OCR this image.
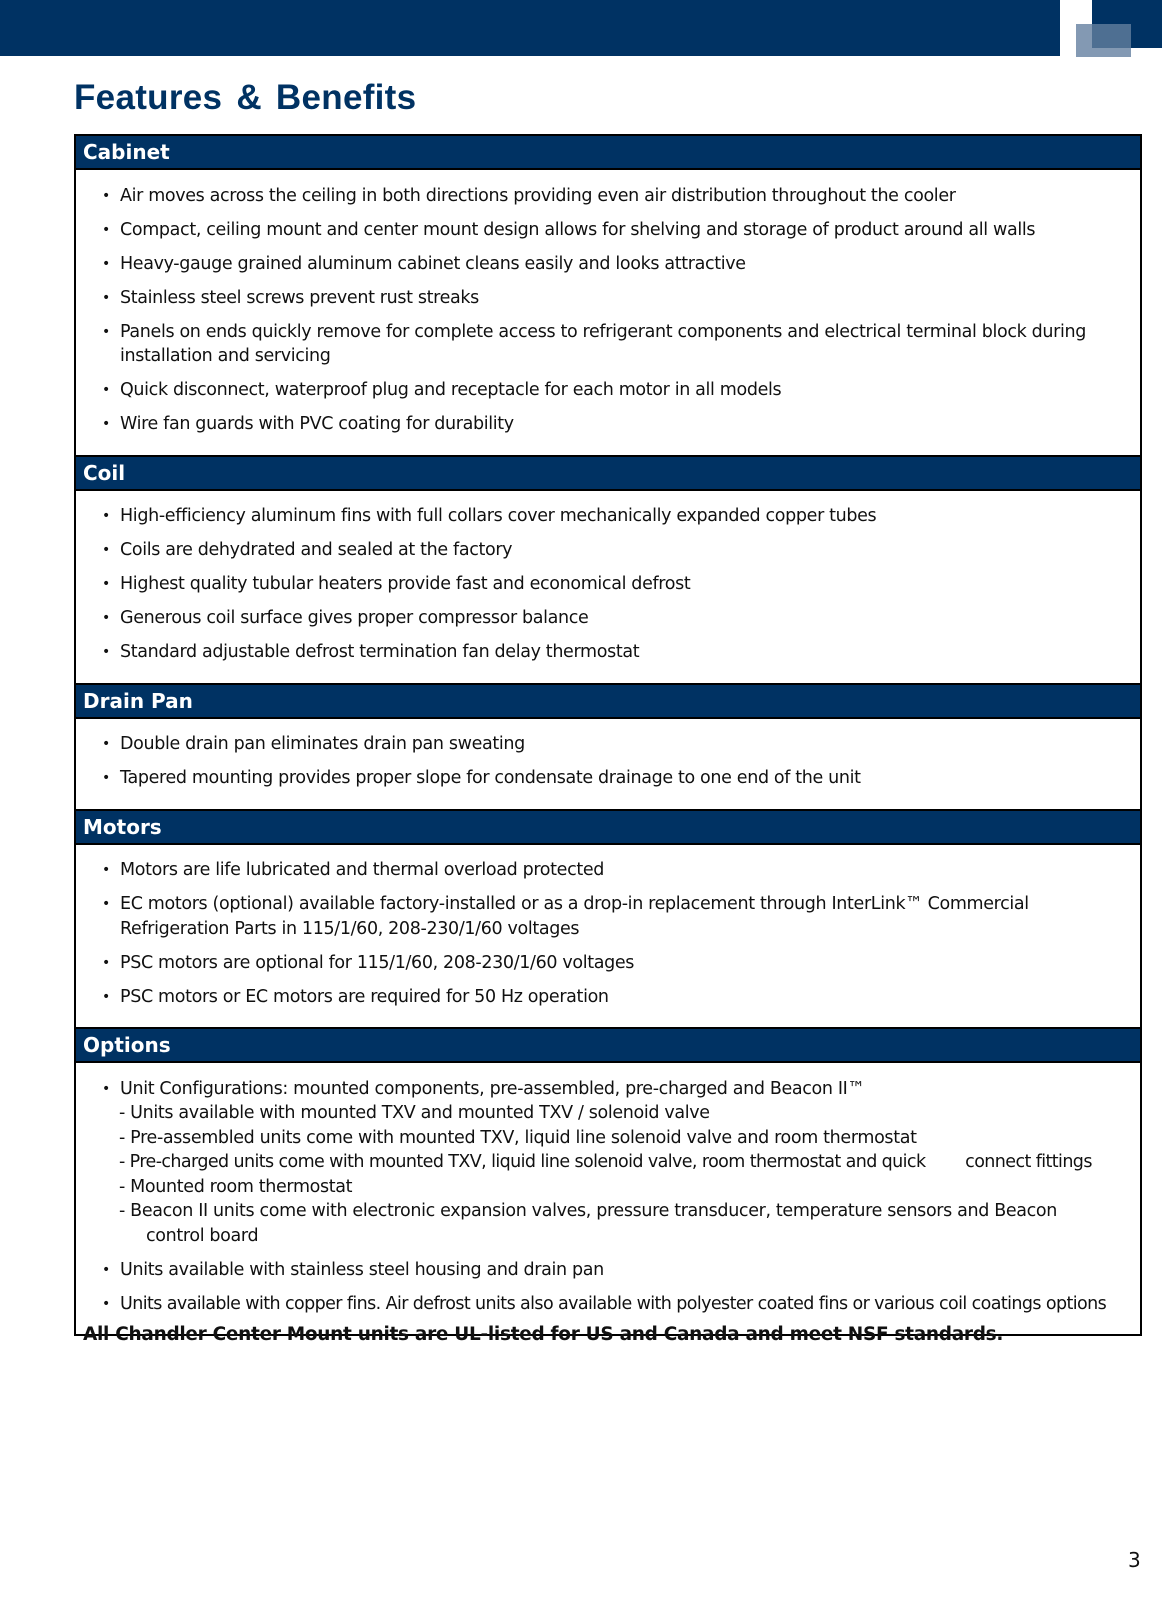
Features & Benefits
Cabinet
• Air moves across the ceiling in both directions providing even air distribution throughout the cooler
• Compact, ceiling mount and center mount design allows for shelving and storage of product around all walls
• Heavy-gauge grained aluminum cabinet cleans easily and looks attractive
• Stainless steel screws prevent rust streaks
• Panels on ends quickly remove for complete access to refrigerant components and electrical terminal block during installation and servicing
• Quick disconnect, waterproof plug and receptacle for each motor in all models
• Wire fan guards with PVC coating for durability
Coil
• High-efficiency aluminum fins with full collars cover mechanically expanded copper tubes
• Coils are dehydrated and sealed at the factory
• Highest quality tubular heaters provide fast and economical defrost
• Generous coil surface gives proper compressor balance
• Standard adjustable defrost termination fan delay thermostat
Drain Pan
• Double drain pan eliminates drain pan sweating
• Tapered mounting provides proper slope for condensate drainage to one end of the unit
Motors
• Motors are life lubricated and thermal overload protected
• EC motors (optional) available factory-installed or as a drop-in replacement through InterLink™ Commercial Refrigeration Parts in 115/1/60, 208-230/1/60 voltages
• PSC motors are optional for 115/1/60, 208-230/1/60 voltages
• PSC motors or EC motors are required for 50 Hz operation
Options
• Unit Configurations: mounted components, pre-assembled, pre-charged and Beacon II™
- Units available with mounted TXV and mounted TXV / solenoid valve
- Pre-assembled units come with mounted TXV, liquid line solenoid valve and room thermostat
- Pre-charged units come with mounted TXV, liquid line solenoid valve, room thermostat and quick        connect fittings
- Mounted room thermostat
- Beacon II units come with electronic expansion valves, pressure transducer, temperature sensors and Beacon
control board
• Units available with stainless steel housing and drain pan
• Units available with copper fins. Air defrost units also available with polyester coated fins or various coil coatings options
All Chandler Center Mount units are UL-listed for US and Canada and meet NSF standards.
3
